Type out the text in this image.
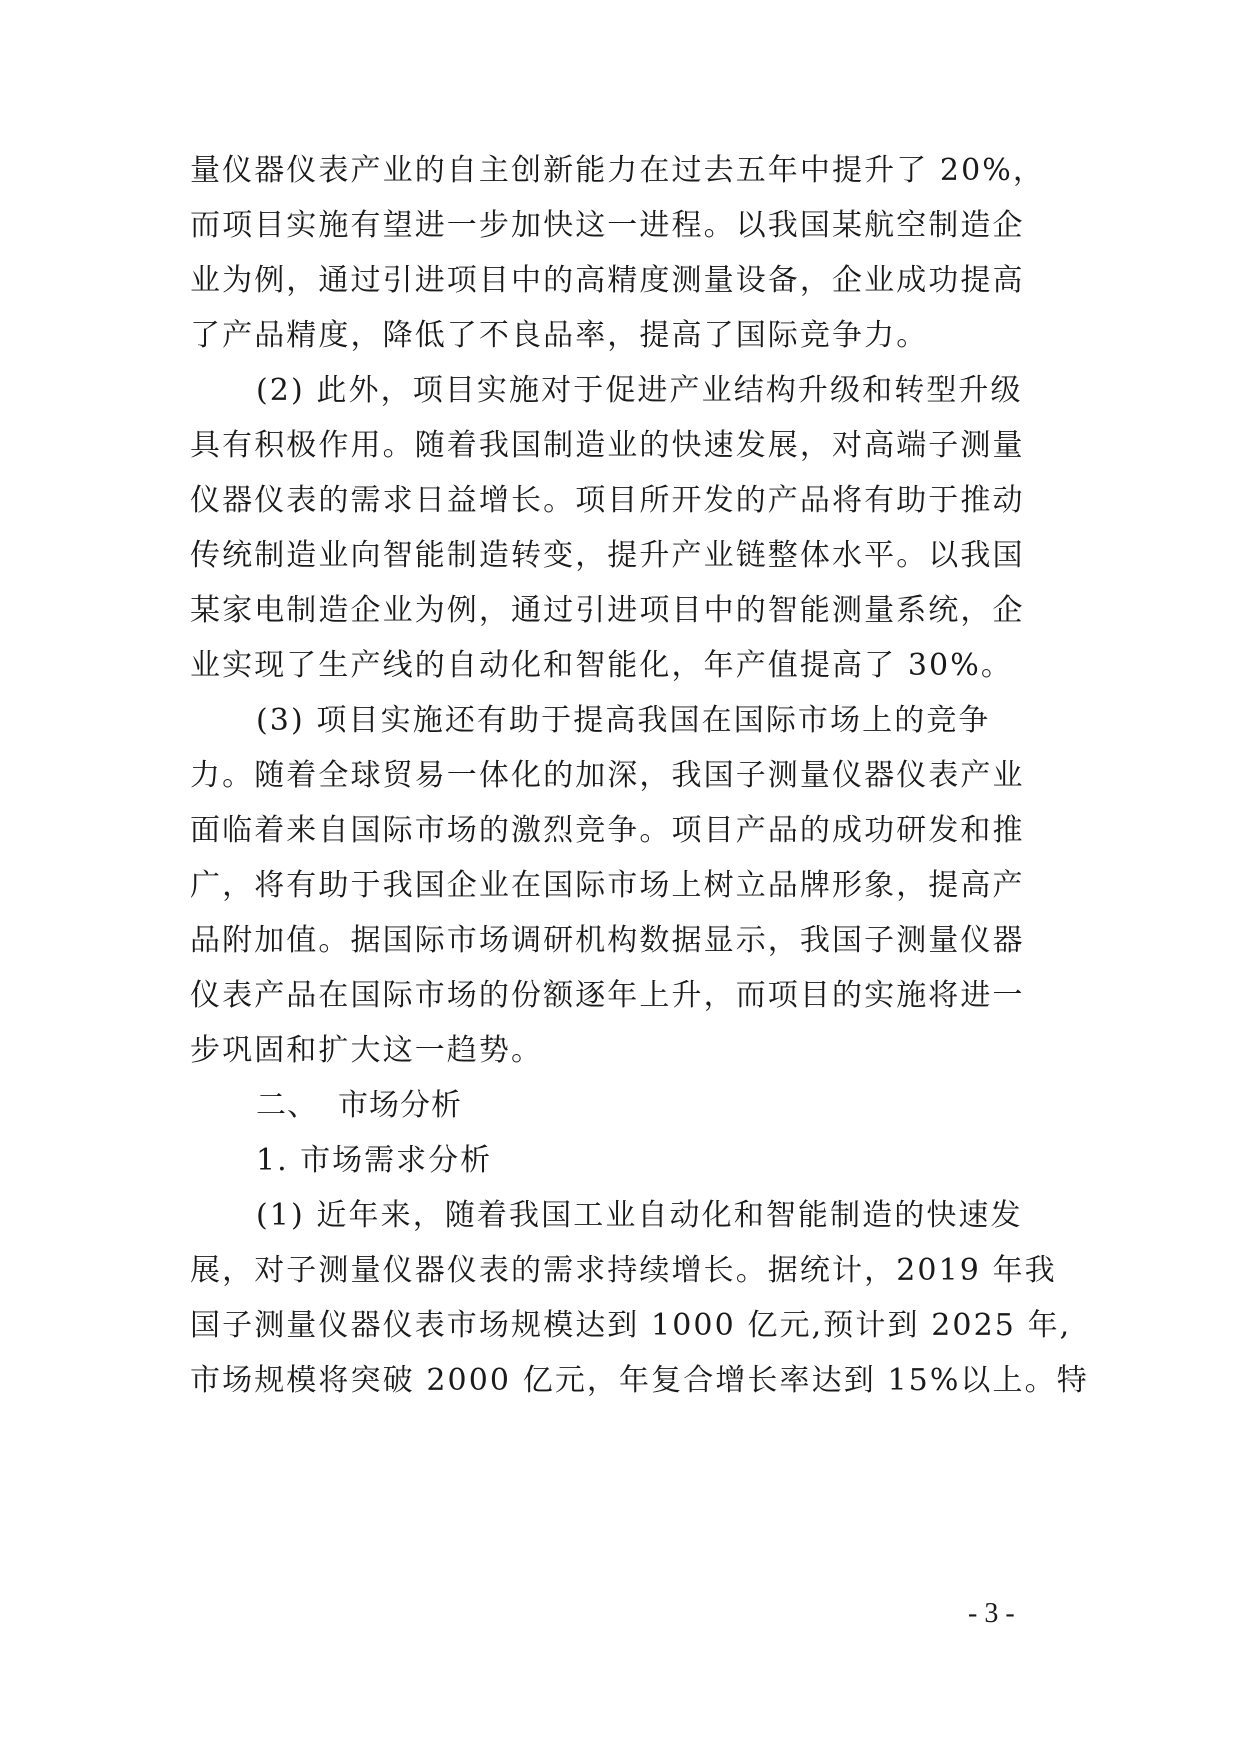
量仪器仪表产业的自主创新能力在过去五年中提升了 20%，
而项目实施有望进一步加快这一进程。以我国某航空制造企
业为例，通过引进项目中的高精度测量设备，企业成功提高
了产品精度，降低了不良品率，提高了国际竞争力。
(2) 此外，项目实施对于促进产业结构升级和转型升级
具有积极作用。随着我国制造业的快速发展，对高端子测量
仪器仪表的需求日益增长。项目所开发的产品将有助于推动
传统制造业向智能制造转变，提升产业链整体水平。以我国
某家电制造企业为例，通过引进项目中的智能测量系统，企
业实现了生产线的自动化和智能化，年产值提高了 30%。
(3) 项目实施还有助于提高我国在国际市场上的竞争
力。随着全球贸易一体化的加深，我国子测量仪器仪表产业
面临着来自国际市场的激烈竞争。项目产品的成功研发和推
广，将有助于我国企业在国际市场上树立品牌形象，提高产
品附加值。据国际市场调研机构数据显示，我国子测量仪器
仪表产品在国际市场的份额逐年上升，而项目的实施将进一
步巩固和扩大这一趋势。
二、 市场分析
1. 市场需求分析
(1) 近年来，随着我国工业自动化和智能制造的快速发
展，对子测量仪器仪表的需求持续增长。据统计，2019 年我
国子测量仪器仪表市场规模达到 1000 亿元,预计到 2025 年,
市场规模将突破 2000 亿元，年复合增长率达到 15%以上。特
- 3 -
